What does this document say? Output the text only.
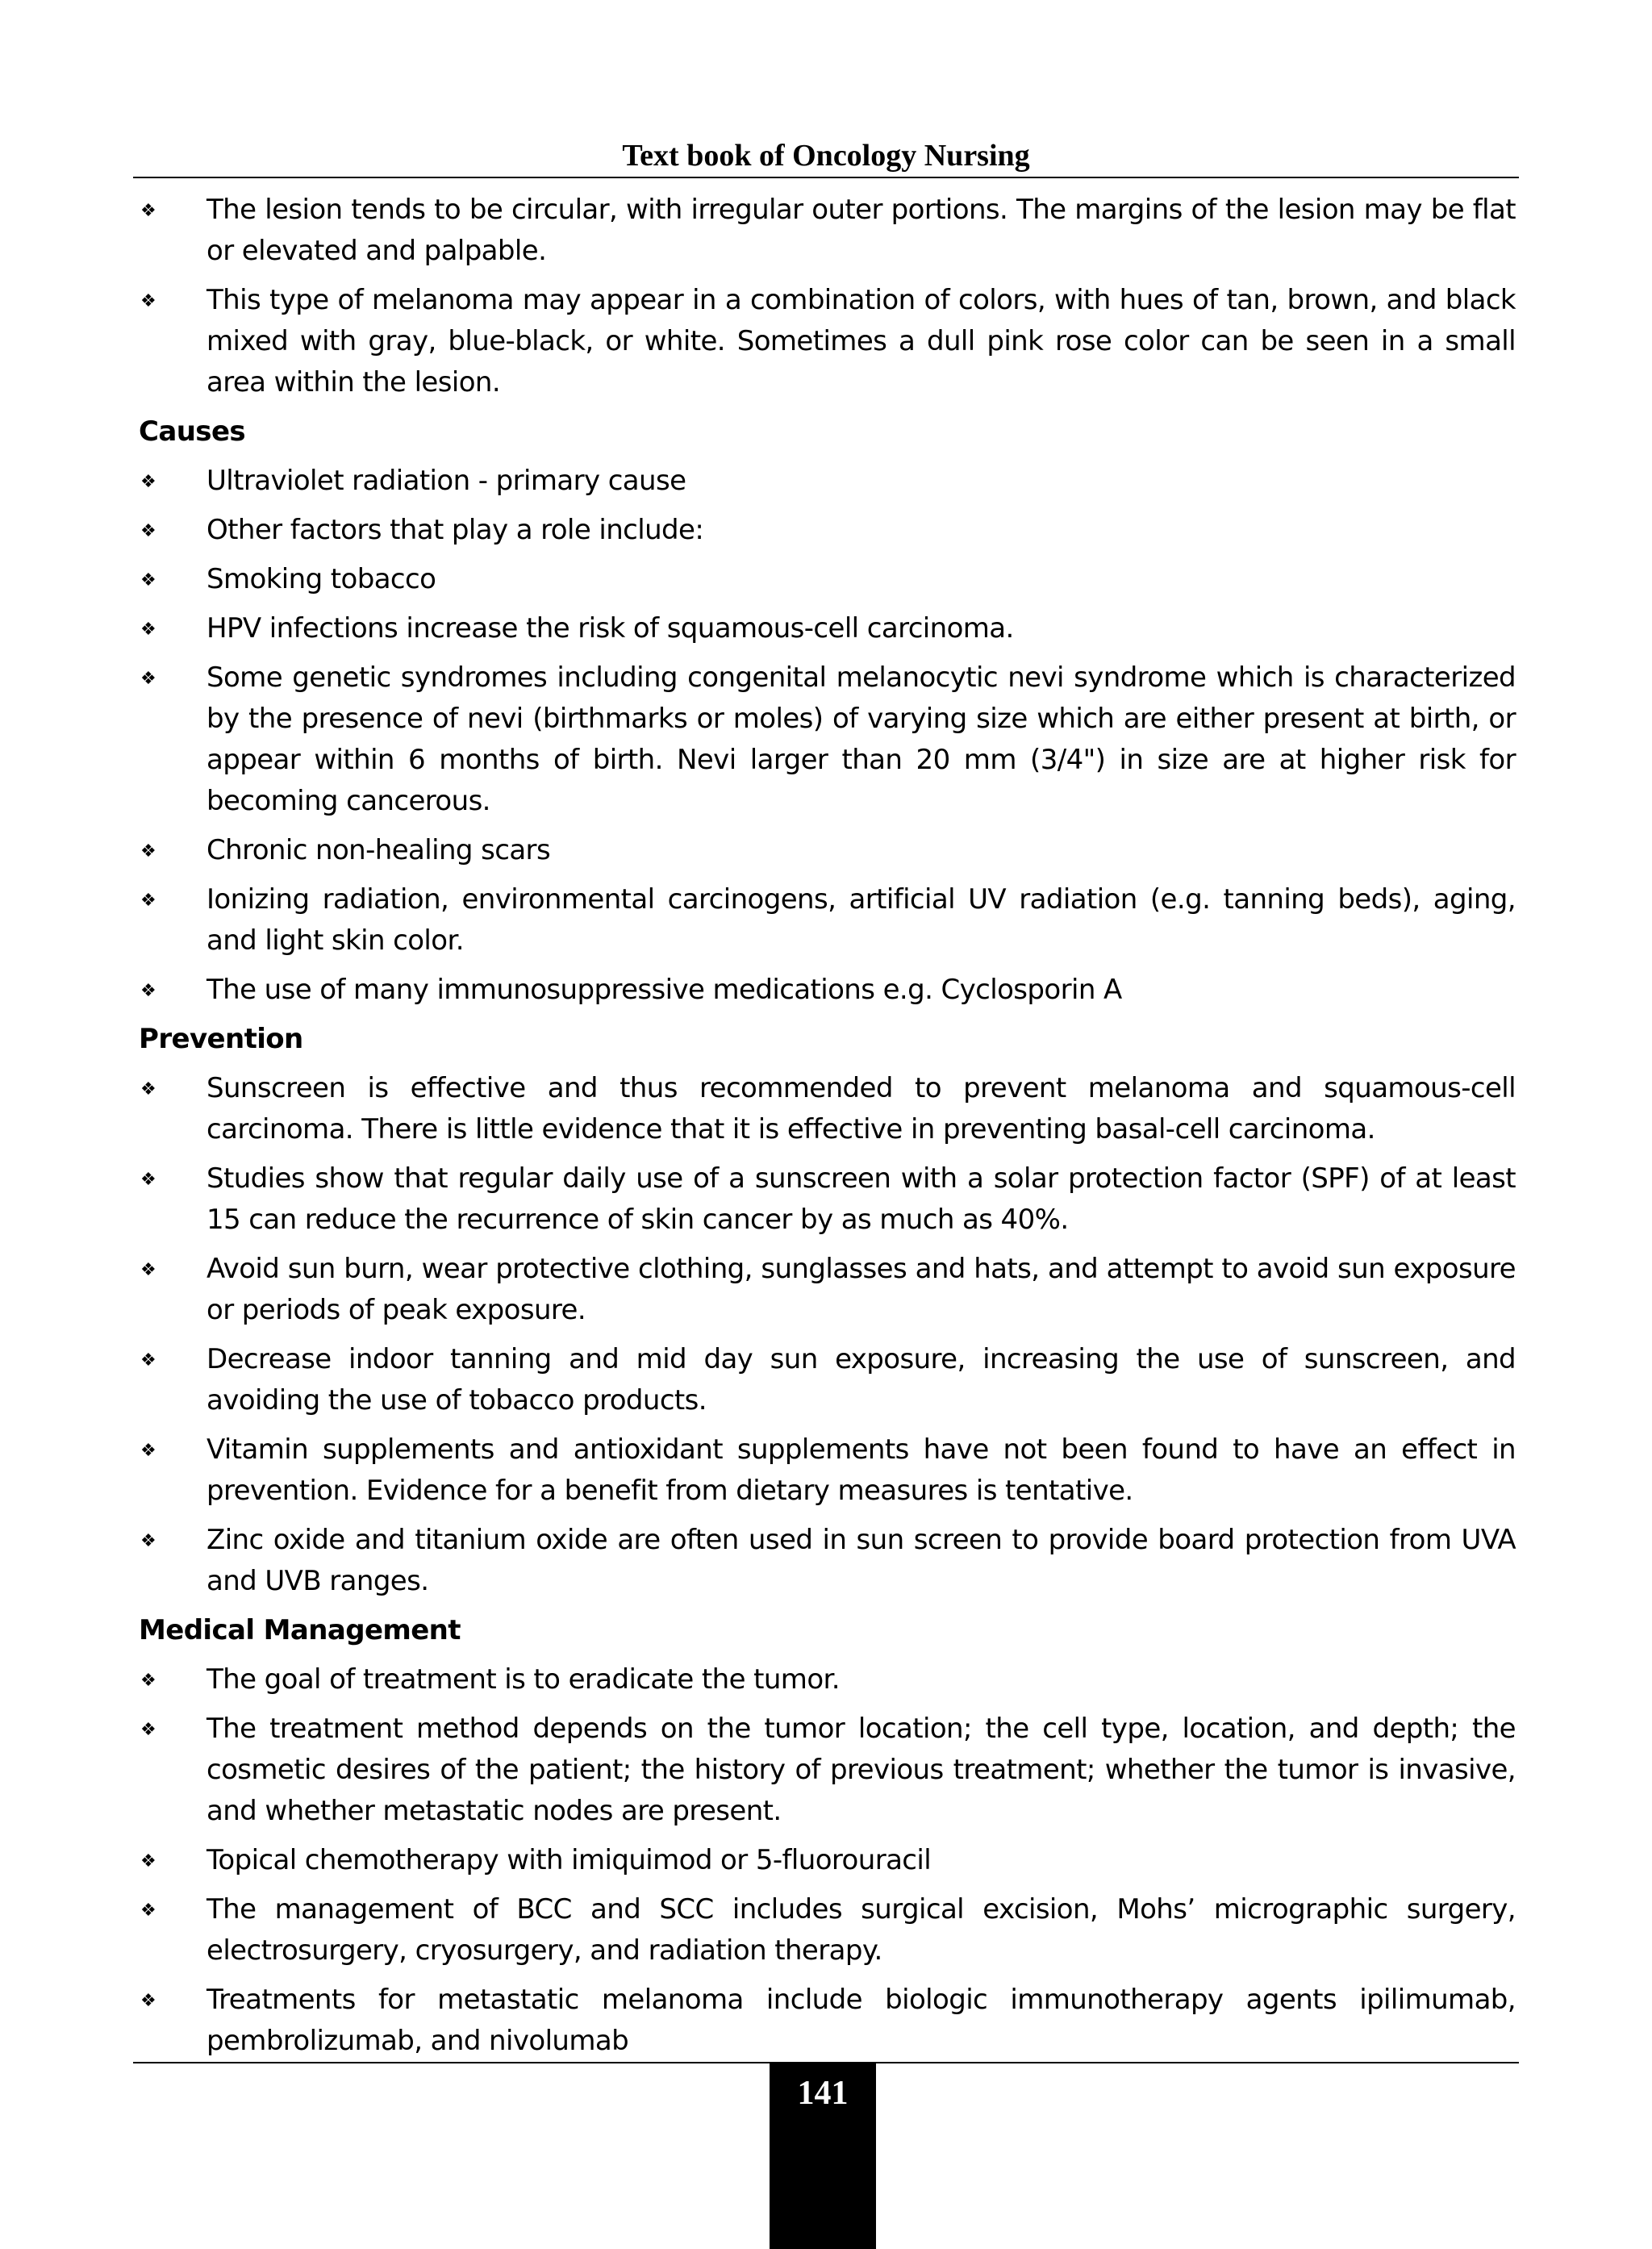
Text book of Oncology Nursing
❖ The lesion tends to be circular, with irregular outer portions. The margins of the lesion may be flat or elevated and palpable.
❖ This type of melanoma may appear in a combination of colors, with hues of tan, brown, and black mixed with gray, blue-black, or white. Sometimes a dull pink rose color can be seen in a small area within the lesion.
Causes
❖ Ultraviolet radiation - primary cause
❖ Other factors that play a role include:
❖ Smoking tobacco
❖ HPV infections increase the risk of squamous-cell carcinoma.
❖ Some genetic syndromes including congenital melanocytic nevi syndrome which is characterized by the presence of nevi (birthmarks or moles) of varying size which are either present at birth, or appear within 6 months of birth. Nevi larger than 20 mm (3/4") in size are at higher risk for becoming cancerous.
❖ Chronic non-healing scars
❖ Ionizing radiation, environmental carcinogens, artificial UV radiation (e.g. tanning beds), aging, and light skin color.
❖ The use of many immunosuppressive medications e.g. Cyclosporin A
Prevention
❖ Sunscreen is effective and thus recommended to prevent melanoma and squamous-cell carcinoma. There is little evidence that it is effective in preventing basal-cell carcinoma.
❖ Studies show that regular daily use of a sunscreen with a solar protection factor (SPF) of at least 15 can reduce the recurrence of skin cancer by as much as 40%.
❖ Avoid sun burn, wear protective clothing, sunglasses and hats, and attempt to avoid sun exposure or periods of peak exposure.
❖ Decrease indoor tanning and mid day sun exposure, increasing the use of sunscreen, and avoiding the use of tobacco products.
❖ Vitamin supplements and antioxidant supplements have not been found to have an effect in prevention. Evidence for a benefit from dietary measures is tentative.
❖ Zinc oxide and titanium oxide are often used in sun screen to provide board protection from UVA and UVB ranges.
Medical Management
❖ The goal of treatment is to eradicate the tumor.
❖ The treatment method depends on the tumor location; the cell type, location, and depth; the cosmetic desires of the patient; the history of previous treatment; whether the tumor is invasive, and whether metastatic nodes are present.
❖ Topical chemotherapy with imiquimod or 5-fluorouracil
❖ The management of BCC and SCC includes surgical excision, Mohs’ micrographic surgery, electrosurgery, cryosurgery, and radiation therapy.
❖ Treatments for metastatic melanoma include biologic immunotherapy agents ipilimumab, pembrolizumab, and nivolumab
141
